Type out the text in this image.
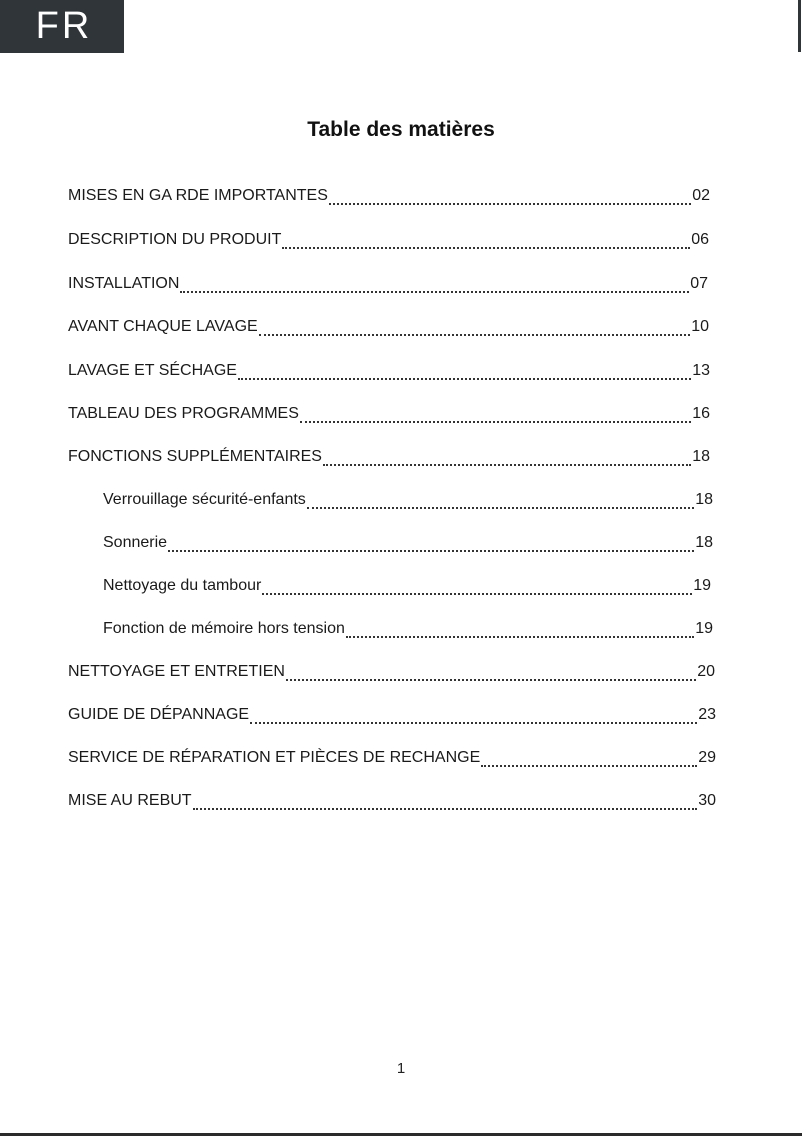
FR
Table des matières
MISES EN GA RDE IMPORTANTES	02
DESCRIPTION DU PRODUIT	06
INSTALLATION	07
AVANT CHAQUE LAVAGE	10
LAVAGE ET SÉCHAGE	13
TABLEAU DES PROGRAMMES	16
FONCTIONS SUPPLÉMENTAIRES	18
Verrouillage sécurité-enfants	18
Sonnerie	18
Nettoyage du tambour	19
Fonction de mémoire hors tension	19
NETTOYAGE ET ENTRETIEN	20
GUIDE DE DÉPANNAGE	23
SERVICE DE RÉPARATION ET PIÈCES DE RECHANGE	29
MISE AU REBUT	30
1
